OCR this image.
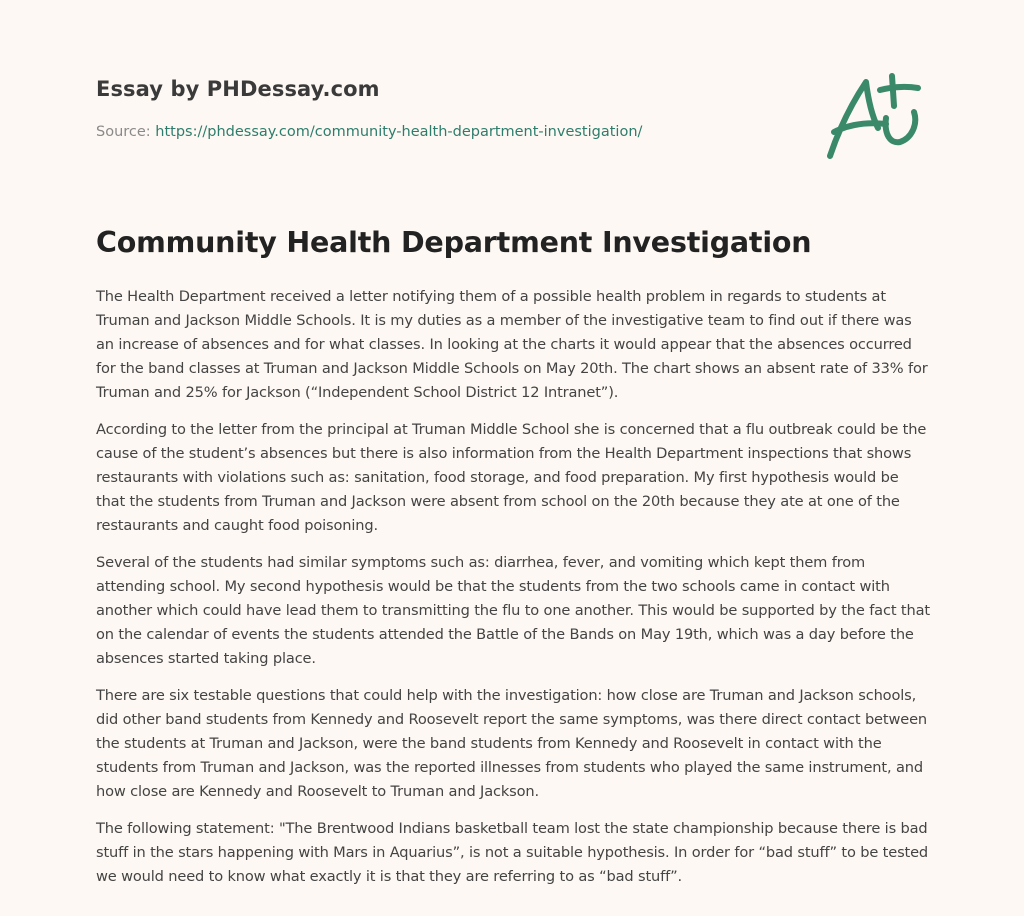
Essay by PHDessay.com
Source: https://phdessay.com/community-health-department-investigation/
Community Health Department Investigation

The Health Department received a letter notifying them of a possible health problem in regards to students at Truman and Jackson Middle Schools. It is my duties as a member of the investigative team to find out if there was an increase of absences and for what classes. In looking at the charts it would appear that the absences occurred for the band classes at Truman and Jackson Middle Schools on May 20th. The chart shows an absent rate of 33% for Truman and 25% for Jackson (“Independent School District 12 Intranet”).

According to the letter from the principal at Truman Middle School she is concerned that a flu outbreak could be the cause of the student’s absences but there is also information from the Health Department inspections that shows restaurants with violations such as: sanitation, food storage, and food preparation. My first hypothesis would be that the students from Truman and Jackson were absent from school on the 20th because they ate at one of the restaurants and caught food poisoning.

Several of the students had similar symptoms such as: diarrhea, fever, and vomiting which kept them from attending school. My second hypothesis would be that the students from the two schools came in contact with another which could have lead them to transmitting the flu to one another. This would be supported by the fact that on the calendar of events the students attended the Battle of the Bands on May 19th, which was a day before the absences started taking place.

There are six testable questions that could help with the investigation: how close are Truman and Jackson schools, did other band students from Kennedy and Roosevelt report the same symptoms, was there direct contact between the students at Truman and Jackson, were the band students from Kennedy and Roosevelt in contact with the students from Truman and Jackson, was the reported illnesses from students who played the same instrument, and how close are Kennedy and Roosevelt to Truman and Jackson.

The following statement: "The Brentwood Indians basketball team lost the state championship because there is bad stuff in the stars happening with Mars in Aquarius”, is not a suitable hypothesis. In order for “bad stuff” to be tested we would need to know what exactly it is that they are referring to as “bad stuff”.
